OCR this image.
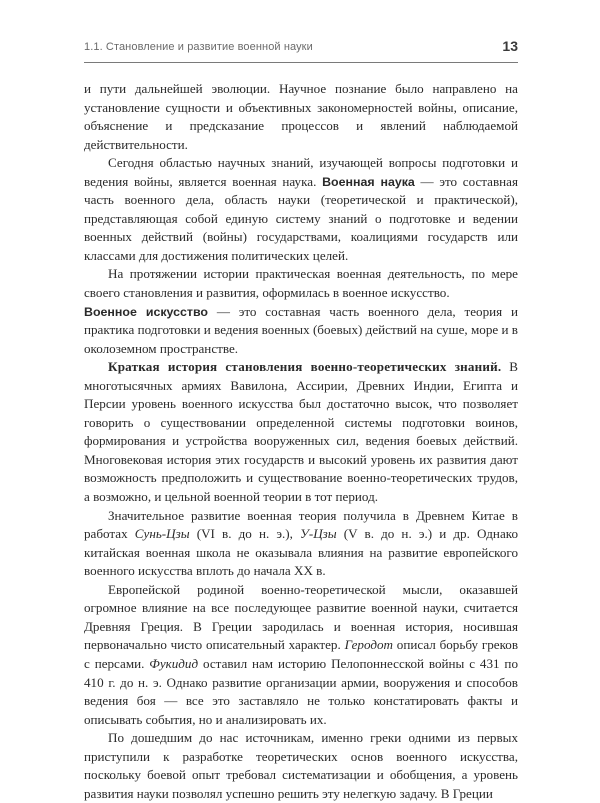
1.1. Становление и развитие военной науки	13

и пути дальнейшей эволюции. Научное познание было направлено на установление сущности и объективных закономерностей войны, описание, объяснение и предсказание процессов и явлений наблюдаемой действительности.

Сегодня областью научных знаний, изучающей вопросы подготовки и ведения войны, является военная наука. Военная наука — это составная часть военного дела, область науки (теоретической и практической), представляющая собой единую систему знаний о подготовке и ведении военных действий (войны) государствами, коалициями государств или классами для достижения политических целей.

На протяжении истории практическая военная деятельность, по мере своего становления и развития, оформилась в военное искусство.

Военное искусство — это составная часть военного дела, теория и практика подготовки и ведения военных (боевых) действий на суше, море и в околоземном пространстве.

Краткая история становления военно-теоретических знаний. В многотысячных армиях Вавилона, Ассирии, Древних Индии, Египта и Персии уровень военного искусства был достаточно высок, что позволяет говорить о существовании определенной системы подготовки воинов, формирования и устройства вооруженных сил, ведения боевых действий. Многовековая история этих государств и высокий уровень их развития дают возможность предположить и существование военно-теоретических трудов, а возможно, и цельной военной теории в тот период.

Значительное развитие военная теория получила в Древнем Китае в работах Сунь-Цзы (VI в. до н. э.), У-Цзы (V в. до н. э.) и др. Однако китайская военная школа не оказывала влияния на развитие европейского военного искусства вплоть до начала XX в.

Европейской родиной военно-теоретической мысли, оказавшей огромное влияние на все последующее развитие военной науки, считается Древняя Греция. В Греции зародилась и военная история, носившая первоначально чисто описательный характер. Геродот описал борьбу греков с персами. Фукидид оставил нам историю Пелопоннесской войны с 431 по 410 г. до н. э. Однако развитие организации армии, вооружения и способов ведения боя — все это заставляло не только констатировать факты и описывать события, но и анализировать их.

По дошедшим до нас источникам, именно греки одними из первых приступили к разработке теоретических основ военного искусства, поскольку боевой опыт требовал систематизации и обобщения, а уровень развития науки позволял успешно решить эту нелегкую задачу. В Греции
